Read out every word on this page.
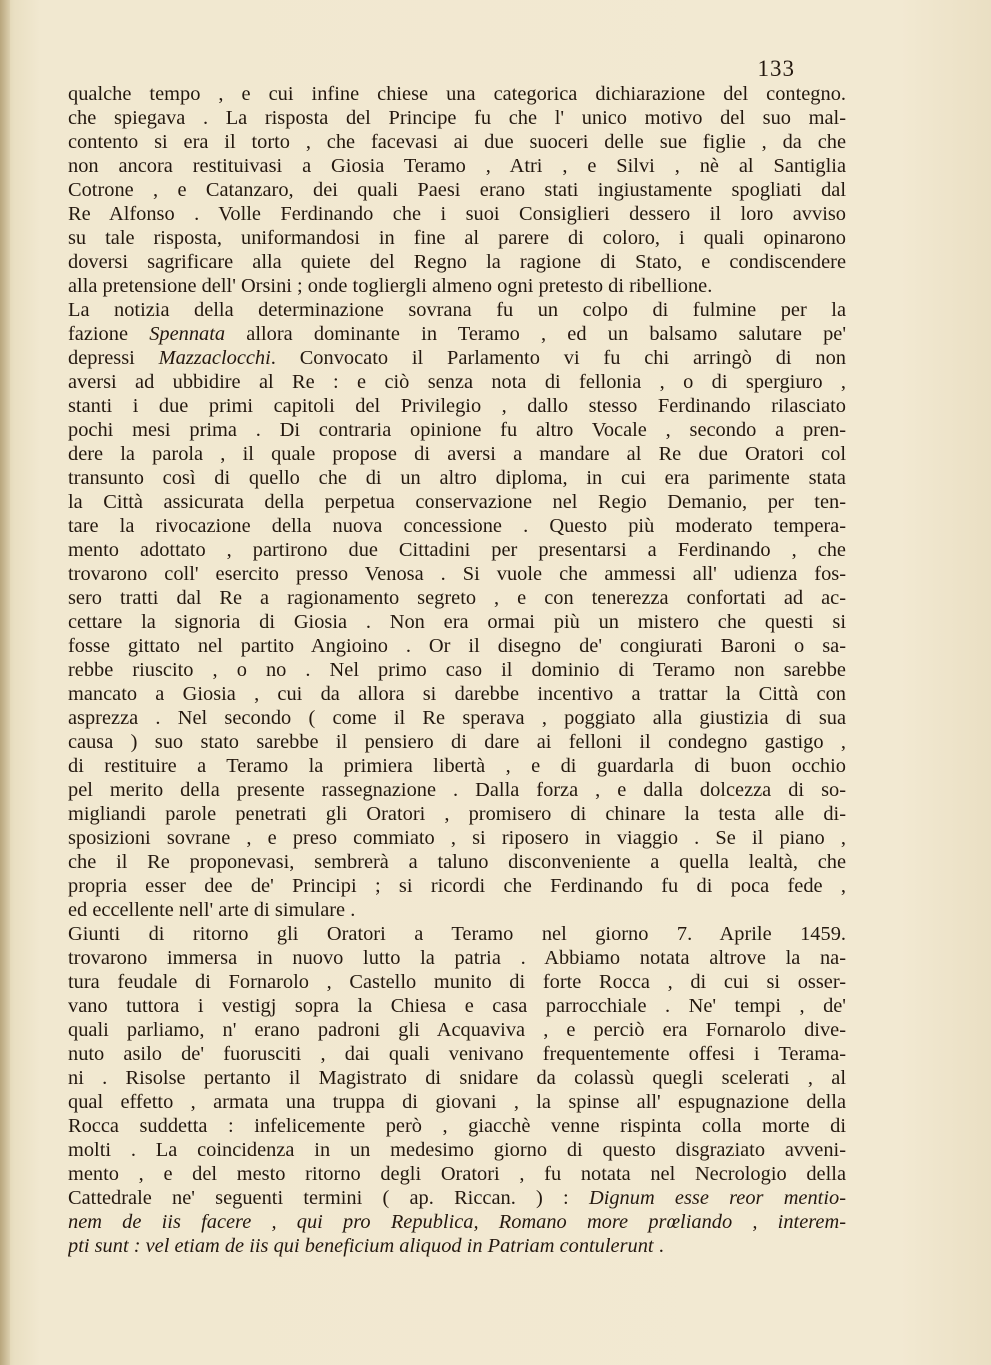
133
qualche tempo , e cui infine chiese una categorica dichiarazione del contegno.
che spiegava . La risposta del Principe fu che l' unico motivo del suo mal-
contento si era il torto , che facevasi ai due suoceri delle sue figlie , da che
non ancora restituivasi a Giosia Teramo , Atri , e Silvi , nè al Santiglia
Cotrone , e Catanzaro, dei quali Paesi erano stati ingiustamente spogliati dal
Re Alfonso . Volle Ferdinando che i suoi Consiglieri dessero il loro avviso
su tale risposta, uniformandosi in fine al parere di coloro, i quali opinarono
doversi sagrificare alla quiete del Regno la ragione di Stato, e condiscendere
alla pretensione dell' Orsini ; onde togliergli almeno ogni pretesto di ribellione.
La notizia della determinazione sovrana fu un colpo di fulmine per la
fazione Spennata allora dominante in Teramo , ed un balsamo salutare pe'
depressi Mazzaclocchi. Convocato il Parlamento vi fu chi arringò di non
aversi ad ubbidire al Re : e ciò senza nota di fellonia , o di spergiuro ,
stanti i due primi capitoli del Privilegio , dallo stesso Ferdinando rilasciato
pochi mesi prima . Di contraria opinione fu altro Vocale , secondo a pren-
dere la parola , il quale propose di aversi a mandare al Re due Oratori col
transunto così di quello che di un altro diploma, in cui era parimente stata
la Città assicurata della perpetua conservazione nel Regio Demanio, per ten-
tare la rivocazione della nuova concessione . Questo più moderato tempera-
mento adottato , partirono due Cittadini per presentarsi a Ferdinando , che
trovarono coll' esercito presso Venosa . Si vuole che ammessi all' udienza fos-
sero tratti dal Re a ragionamento segreto , e con tenerezza confortati ad ac-
cettare la signoria di Giosia . Non era ormai più un mistero che questi si
fosse gittato nel partito Angioino . Or il disegno de' congiurati Baroni o sa-
rebbe riuscito , o no . Nel primo caso il dominio di Teramo non sarebbe
mancato a Giosia , cui da allora si darebbe incentivo a trattar la Città con
asprezza . Nel secondo ( come il Re sperava , poggiato alla giustizia di sua
causa ) suo stato sarebbe il pensiero di dare ai felloni il condegno gastigo ,
di restituire a Teramo la primiera libertà , e di guardarla di buon occhio
pel merito della presente rassegnazione . Dalla forza , e dalla dolcezza di so-
migliandi parole penetrati gli Oratori , promisero di chinare la testa alle di-
sposizioni sovrane , e preso commiato , si riposero in viaggio . Se il piano ,
che il Re proponevasi, sembrerà a taluno disconveniente a quella lealtà, che
propria esser dee de' Principi ; si ricordi che Ferdinando fu di poca fede ,
ed eccellente nell' arte di simulare .
Giunti di ritorno gli Oratori a Teramo nel giorno 7. Aprile 1459.
trovarono immersa in nuovo lutto la patria . Abbiamo notata altrove la na-
tura feudale di Fornarolo , Castello munito di forte Rocca , di cui si osser-
vano tuttora i vestigj sopra la Chiesa e casa parrocchiale . Ne' tempi , de'
quali parliamo, n' erano padroni gli Acquaviva , e perciò era Fornarolo dive-
nuto asilo de' fuorusciti , dai quali venivano frequentemente offesi i Terama-
ni . Risolse pertanto il Magistrato di snidare da colassù quegli scelerati , al
qual effetto , armata una truppa di giovani , la spinse all' espugnazione della
Rocca suddetta : infelicemente però , giacchè venne rispinta colla morte di
molti . La coincidenza in un medesimo giorno di questo disgraziato avveni-
mento , e del mesto ritorno degli Oratori , fu notata nel Necrologio della
Cattedrale ne' seguenti termini ( ap. Riccan. ) : Dignum esse reor mentio-
nem de iis facere , qui pro Republica, Romano more prœliando , interem-
pti sunt : vel etiam de iis qui beneficium aliquod in Patriam contulerunt .
